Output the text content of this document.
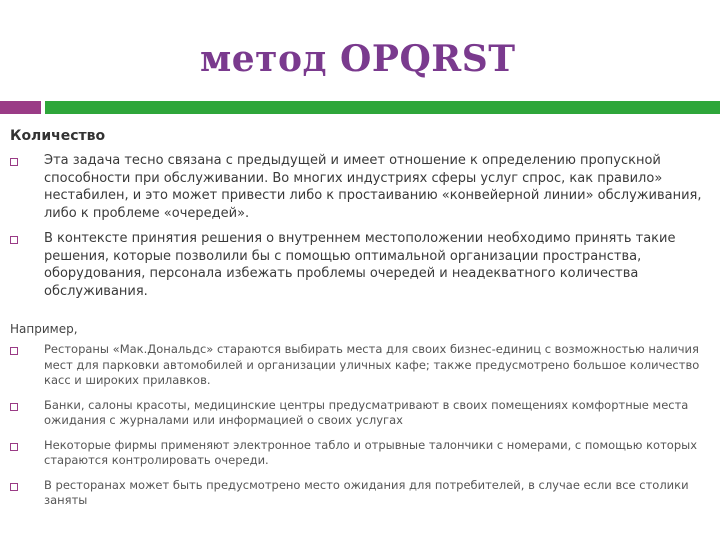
метод OPQRST
Количество
Эта задача тесно связана с предыдущей и имеет отношение к определению пропускной способности при обслуживании. Во многих индустриях сферы услуг спрос, как правило» нестабилен, и это может привести либо к простаиванию «конвейерной линии» обслуживания, либо к проблеме «очередей».
В контексте принятия решения о внутреннем местоположении необходимо принять такие решения, которые позволили бы с помощью оптимальной организации пространства, оборудования, персонала избежать проблемы очередей и неадекватного количества обслуживания.
Например,
Рестораны «Мак.Дональдс» стараются выбирать места для своих бизнес-единиц с возможностью наличия мест для парковки автомобилей и организации уличных кафе; также предусмотрено большое количество касс и широких прилавков.
Банки, салоны красоты, медицинские центры предусматривают в своих помещениях комфортные места ожидания с журналами или информацией о своих услугах
Некоторые фирмы применяют электронное табло и отрывные талончики с номерами, с помощью которых стараются контролировать очереди.
В ресторанах может быть предусмотрено место ожидания для потребителей, в случае если все столики заняты
